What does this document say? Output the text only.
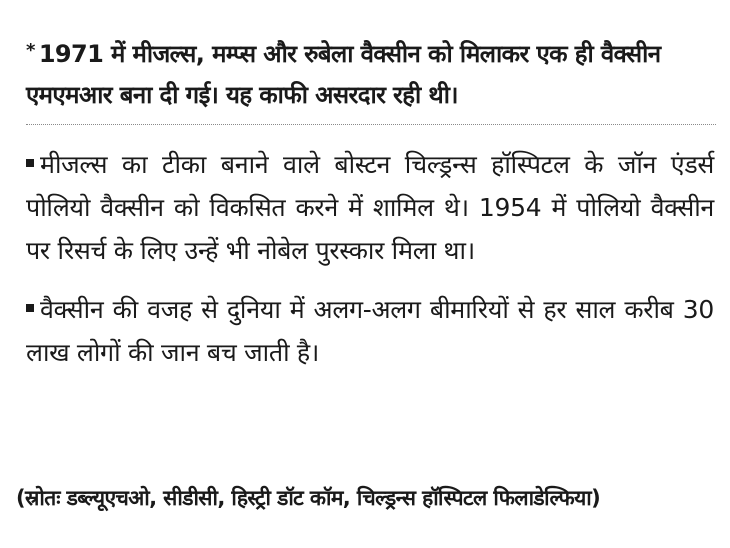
* 1971 में मीजल्स, मम्प्स और रुबेला वैक्सीन को मिलाकर एक ही वैक्सीन एमएमआर बना दी गई। यह काफी असरदार रही थी।
मीजल्स का टीका बनाने वाले बोस्टन चिल्ड्रन्स हॉस्पिटल के जॉन एंडर्स पोलियो वैक्सीन को विकसित करने में शामिल थे। 1954 में पोलियो वैक्सीन पर रिसर्च के लिए उन्हें भी नोबेल पुरस्कार मिला था।
वैक्सीन की वजह से दुनिया में अलग-अलग बीमारियों से हर साल करीब 30 लाख लोगों की जान बच जाती है।
(स्रोतः डब्ल्यूएचओ, सीडीसी, हिस्ट्री डॉट कॉम, चिल्ड्रन्स हॉस्पिटल फिलाडेल्फिया)
